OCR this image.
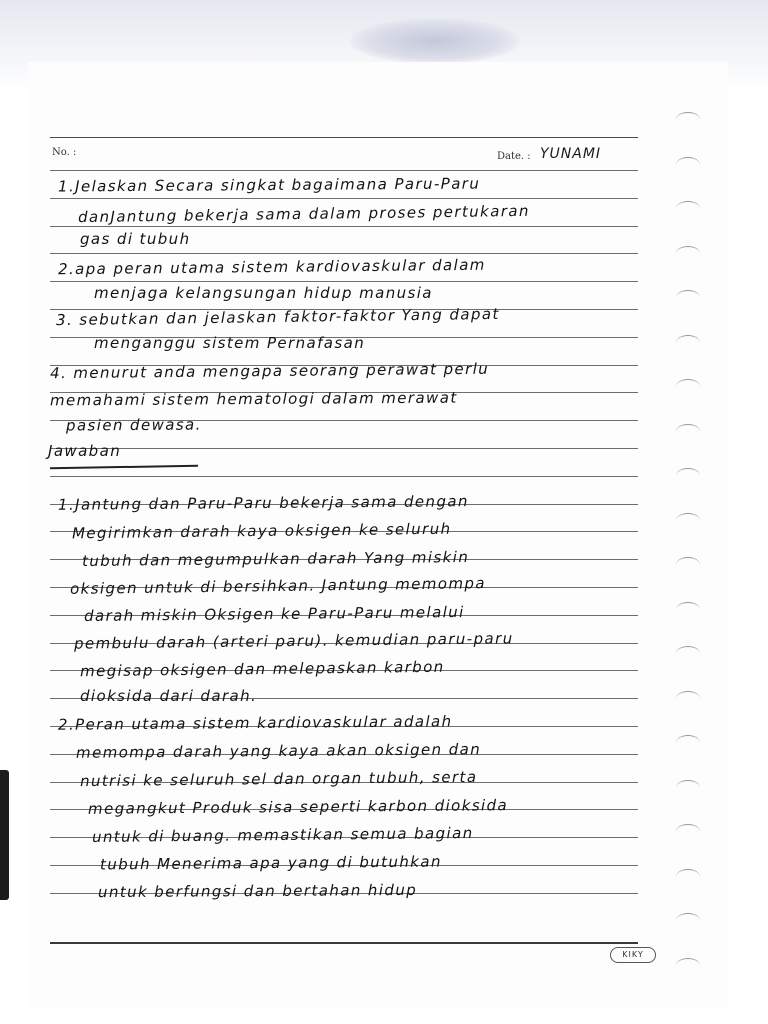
No. :	Date. : YUNAMI
1.Jelaskan Secara singkat bagaimana Paru-Paru
danJantung bekerja sama dalam proses pertukaran
gas di tubuh
2.apa peran utama sistem kardiovaskular dalam
menjaga kelangsungan hidup manusia
3. sebutkan dan jelaskan faktor-faktor Yang dapat
menganggu sistem Pernafasan
4. menurut anda mengapa seorang perawat perlu
memahami sistem hematologi dalam merawat
pasien dewasa.
Jawaban
1.Jantung dan Paru-Paru bekerja sama dengan
Megirimkan darah kaya oksigen ke seluruh
tubuh dan megumpulkan darah Yang miskin
oksigen untuk di bersihkan. Jantung memompa
darah miskin Oksigen ke Paru-Paru melalui
pembulu darah (arteri paru). kemudian paru-paru
megisap oksigen dan melepaskan karbon
dioksida dari darah.
2.Peran utama sistem kardiovaskular adalah
memompa darah yang kaya akan oksigen dan
nutrisi ke seluruh sel dan organ tubuh, serta
megangkut Produk sisa seperti karbon dioksida
untuk di buang. memastikan semua bagian
tubuh Menerima apa yang di butuhkan
untuk berfungsi dan bertahan hidup
KIKY
